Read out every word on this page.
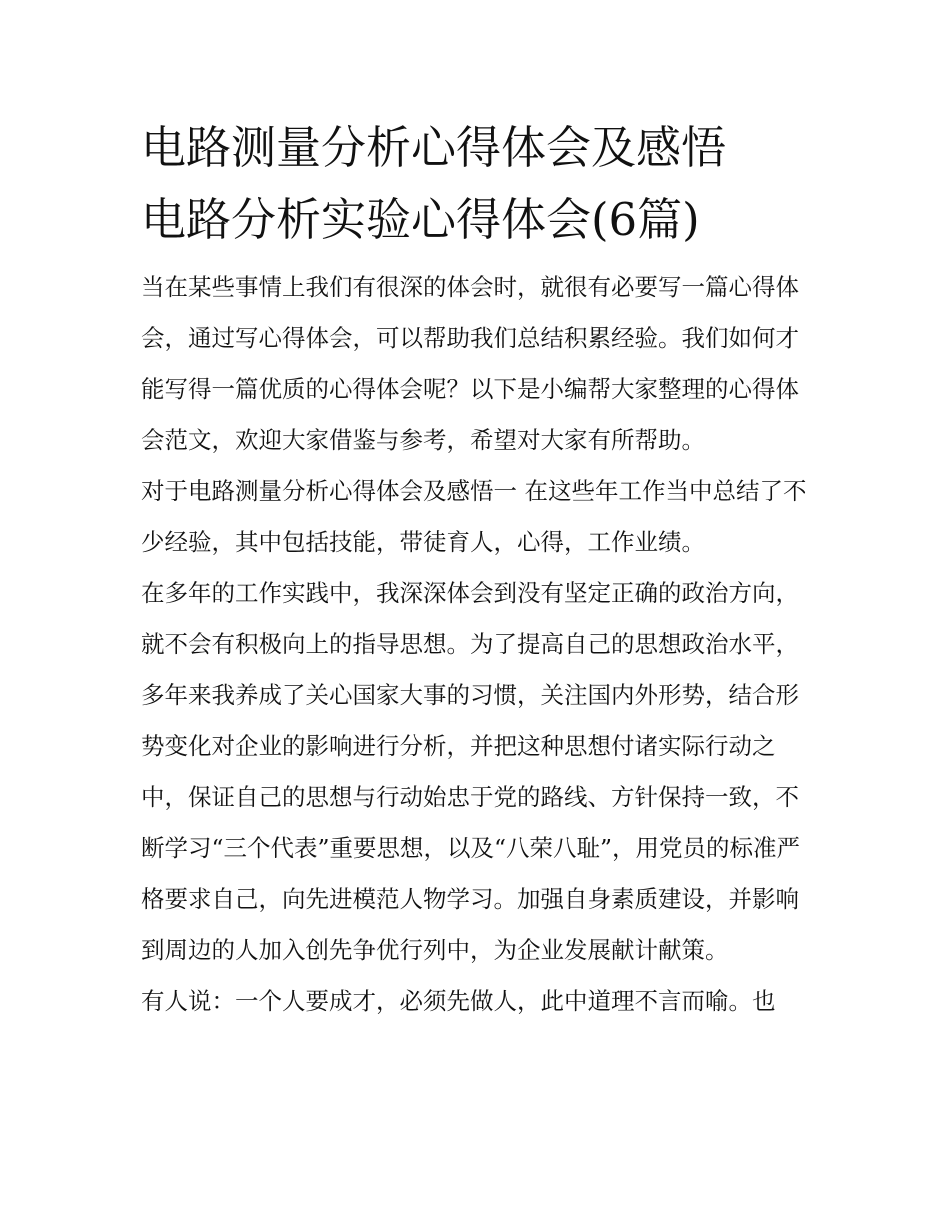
电路测量分析心得体会及感悟
电路分析实验心得体会(6篇)

当在某些事情上我们有很深的体会时，就很有必要写一篇心得体会，通过写心得体会，可以帮助我们总结积累经验。我们如何才能写得一篇优质的心得体会呢？以下是小编帮大家整理的心得体会范文，欢迎大家借鉴与参考，希望对大家有所帮助。

对于电路测量分析心得体会及感悟一 在这些年工作当中总结了不少经验，其中包括技能，带徒育人，心得，工作业绩。

在多年的工作实践中，我深深体会到没有坚定正确的政治方向，就不会有积极向上的指导思想。为了提高自己的思想政治水平，多年来我养成了关心国家大事的习惯，关注国内外形势，结合形势变化对企业的影响进行分析，并把这种思想付诸实际行动之中，保证自己的思想与行动始忠于党的路线、方针保持一致，不断学习“三个代表”重要思想，以及“八荣八耻”，用党员的标准严格要求自己，向先进模范人物学习。加强自身素质建设，并影响到周边的人加入创先争优行列中，为企业发展献计献策。

有人说：一个人要成才，必须先做人，此中道理不言而喻。也
